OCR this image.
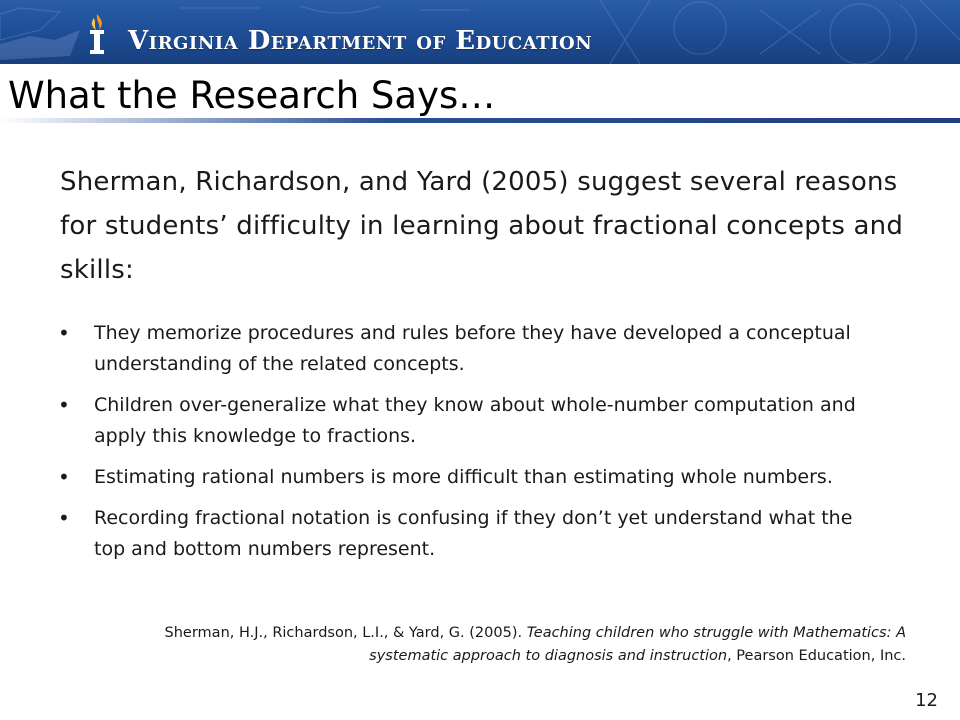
Virginia Department of Education
What the Research Says…
Sherman, Richardson, and Yard (2005) suggest several reasons for students’ difficulty in learning about fractional concepts and skills:
• They memorize procedures and rules before they have developed a conceptual understanding of the related concepts.
• Children over-generalize what they know about whole-number computation and apply this knowledge to fractions.
• Estimating rational numbers is more difficult than estimating whole numbers.
• Recording fractional notation is confusing if they don’t yet understand what the top and bottom numbers represent.
Sherman, H.J., Richardson, L.I., & Yard, G. (2005). Teaching children who struggle with Mathematics: A systematic approach to diagnosis and instruction, Pearson Education, Inc.
12
